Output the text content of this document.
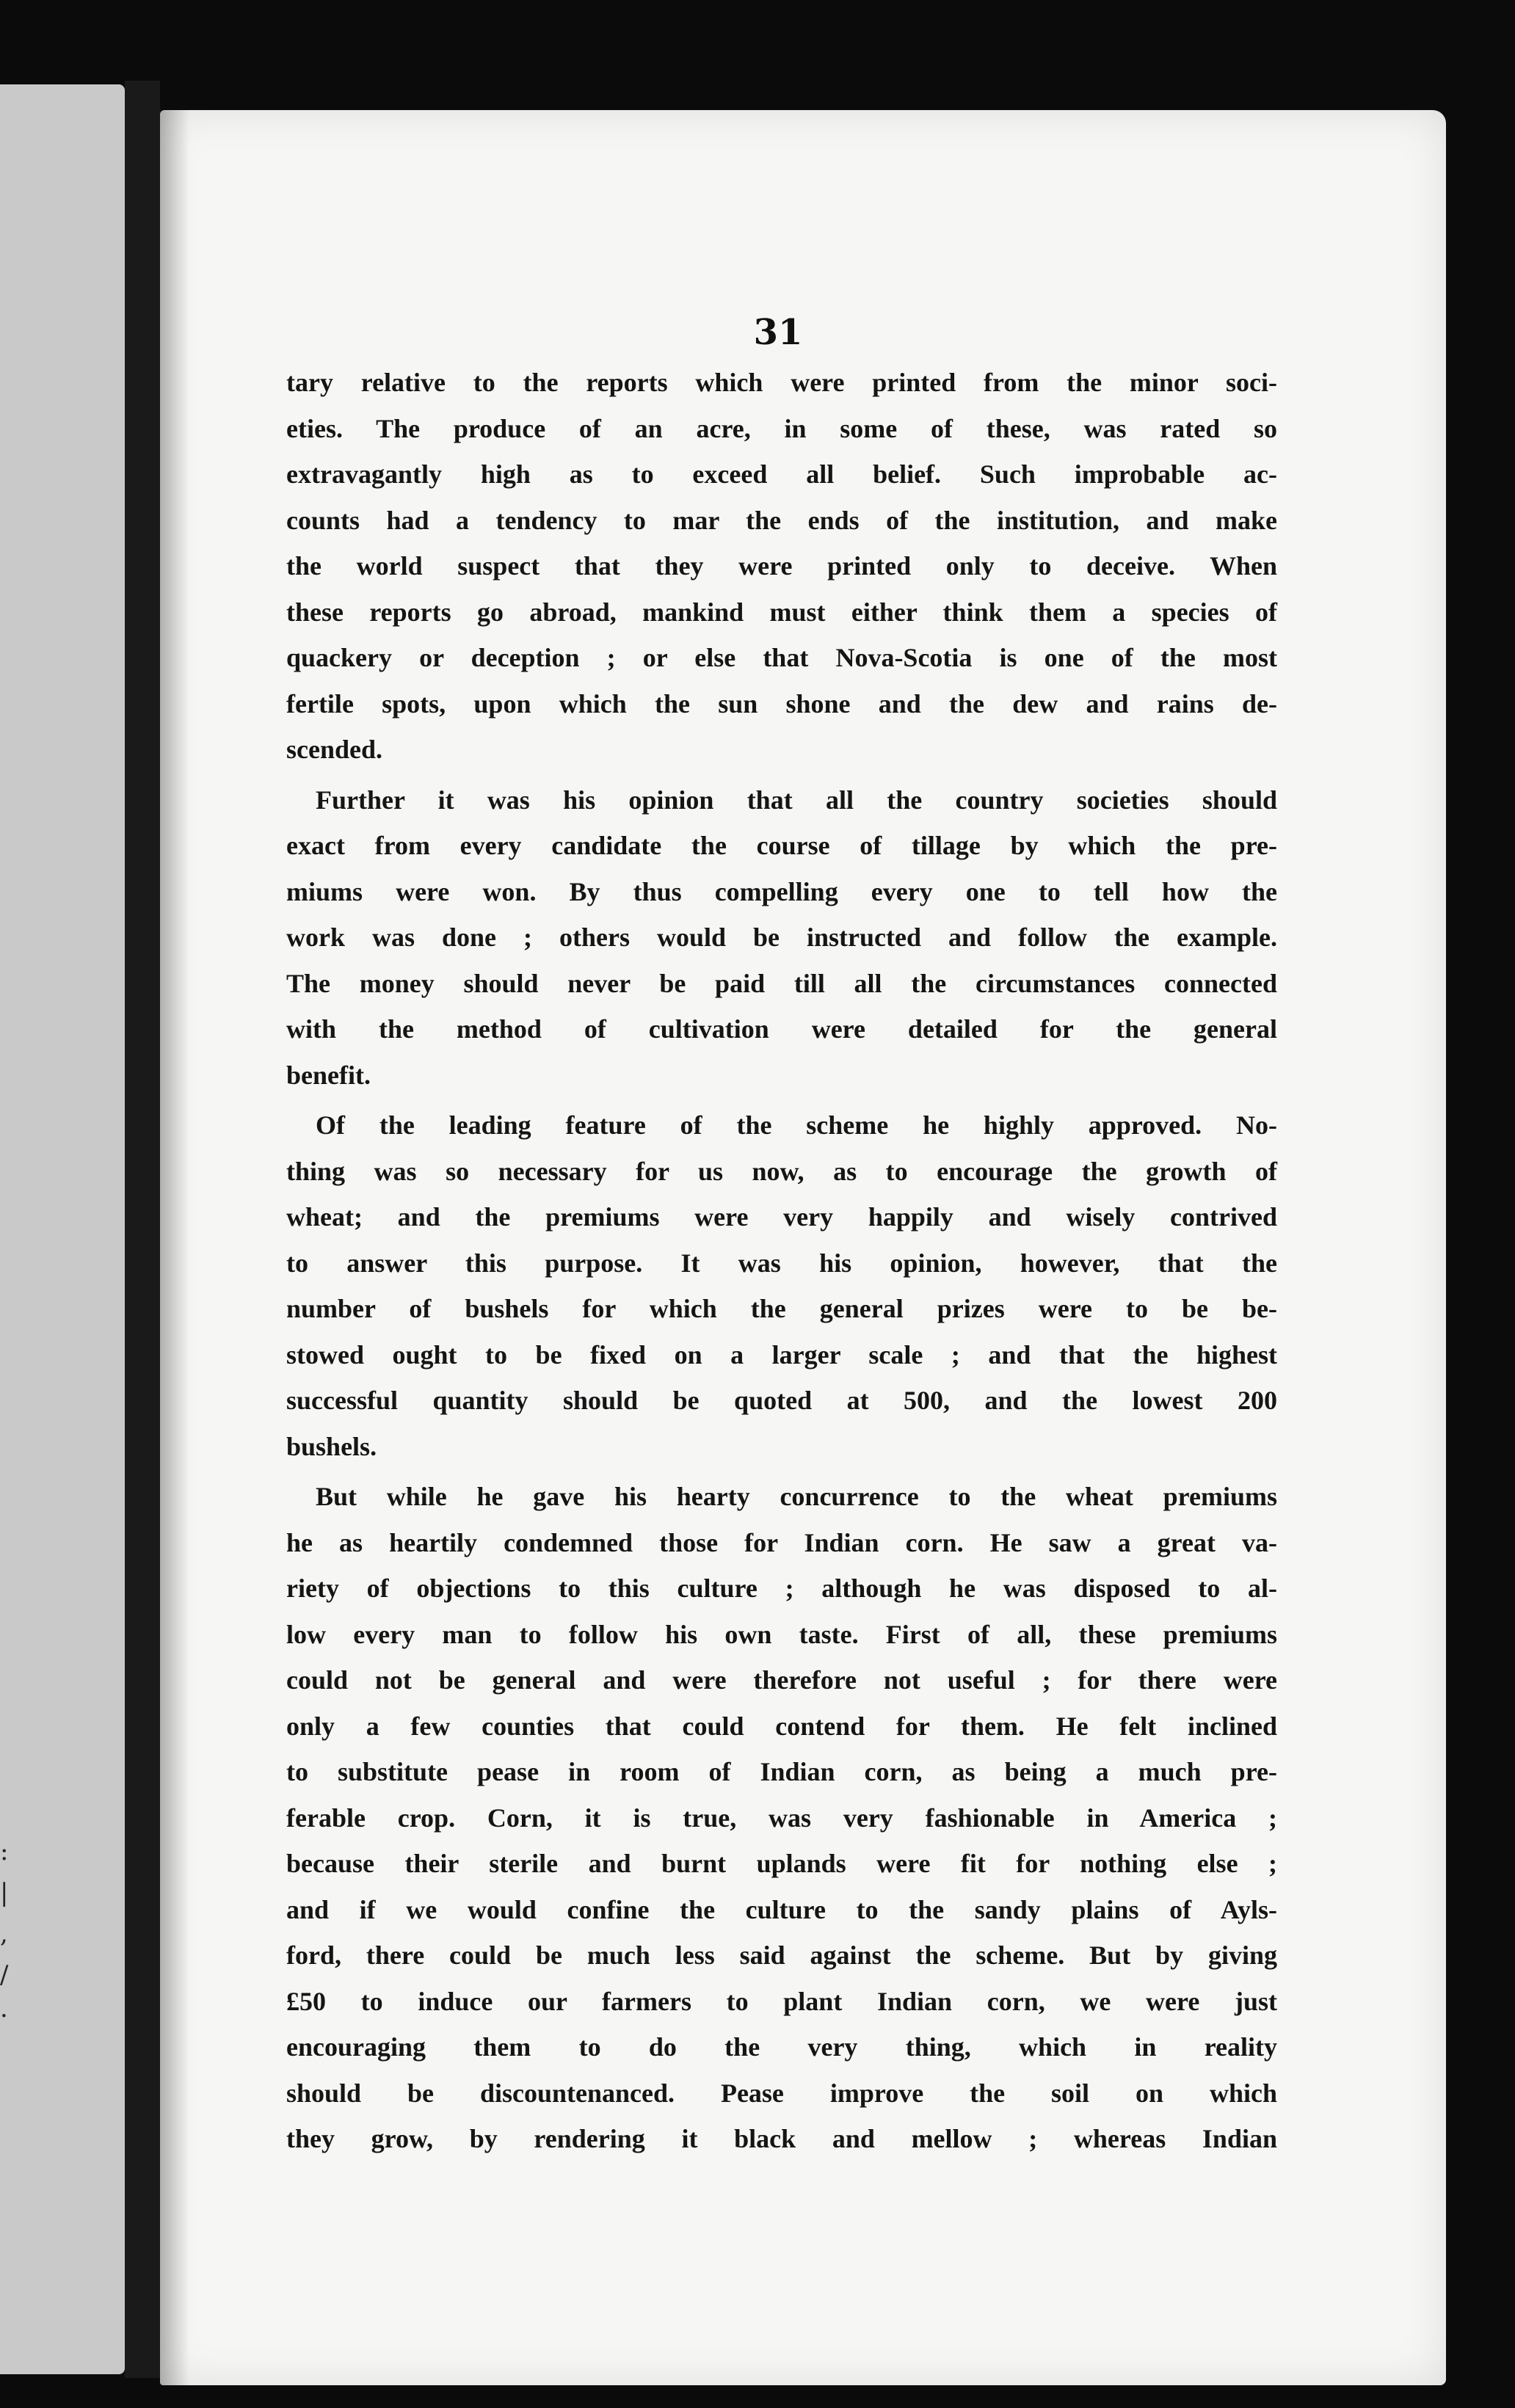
:
|
,
/
·
31
tary relative to the reports which were printed from the minor soci-
eties. The produce of an acre, in some of these, was rated so
extravagantly high as to exceed all belief. Such improbable ac-
counts had a tendency to mar the ends of the institution, and make
the world suspect that they were printed only to deceive. When
these reports go abroad, mankind must either think them a species of
quackery or deception ; or else that Nova-Scotia is one of the most
fertile spots, upon which the sun shone and the dew and rains de-
scended.
Further it was his opinion that all the country societies should
exact from every candidate the course of tillage by which the pre-
miums were won. By thus compelling every one to tell how the
work was done ; others would be instructed and follow the example.
The money should never be paid till all the circumstances connected
with the method of cultivation were detailed for the general
benefit.
Of the leading feature of the scheme he highly approved. No-
thing was so necessary for us now, as to encourage the growth of
wheat; and the premiums were very happily and wisely contrived
to answer this purpose. It was his opinion, however, that the
number of bushels for which the general prizes were to be be-
stowed ought to be fixed on a larger scale ; and that the highest
successful quantity should be quoted at 500, and the lowest 200
bushels.
But while he gave his hearty concurrence to the wheat premiums
he as heartily condemned those for Indian corn. He saw a great va-
riety of objections to this culture ; although he was disposed to al-
low every man to follow his own taste. First of all, these premiums
could not be general and were therefore not useful ; for there were
only a few counties that could contend for them. He felt inclined
to substitute pease in room of Indian corn, as being a much pre-
ferable crop. Corn, it is true, was very fashionable in America ;
because their sterile and burnt uplands were fit for nothing else ;
and if we would confine the culture to the sandy plains of Ayls-
ford, there could be much less said against the scheme. But by giving
£50 to induce our farmers to plant Indian corn, we were just
encouraging them to do the very thing, which in reality
should be discountenanced. Pease improve the soil on which
they grow, by rendering it black and mellow ; whereas Indian
